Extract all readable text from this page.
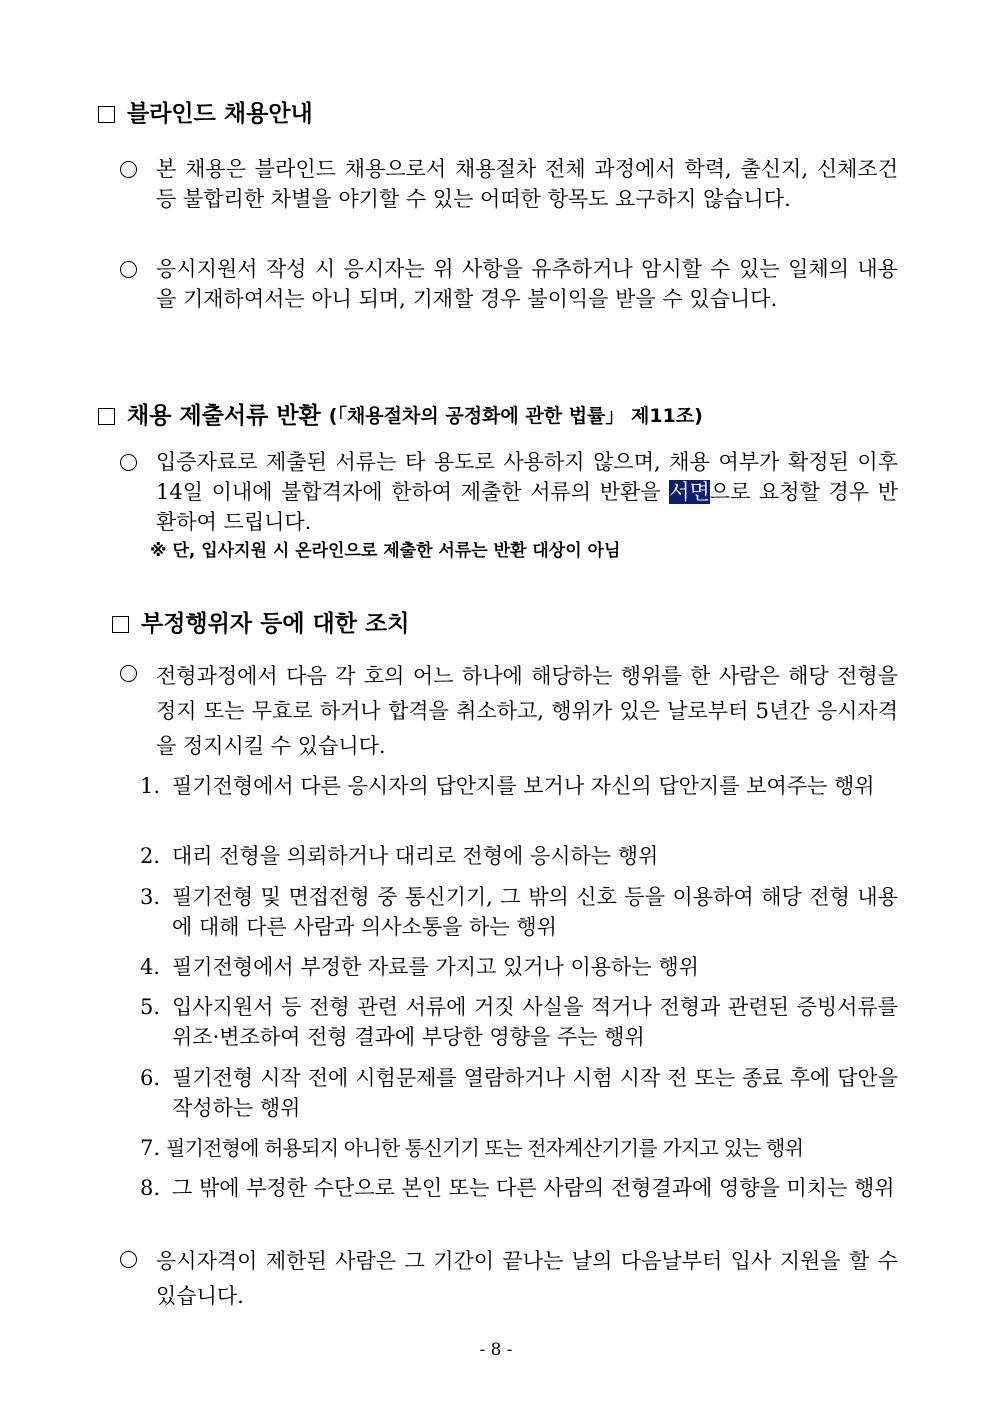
블라인드 채용안내
본 채용은 블라인드 채용으로서 채용절차 전체 과정에서 학력, 출신지, 신체조건 등 불합리한 차별을 야기할 수 있는 어떠한 항목도 요구하지 않습니다.
응시지원서 작성 시 응시자는 위 사항을 유추하거나 암시할 수 있는 일체의 내용을 기재하여서는 아니 되며, 기재할 경우 불이익을 받을 수 있습니다.
채용 제출서류 반환 (「채용절차의 공정화에 관한 법률」 제11조)
입증자료로 제출된 서류는 타 용도로 사용하지 않으며, 채용 여부가 확정된 이후 14일 이내에 불합격자에 한하여 제출한 서류의 반환을 서면으로 요청할 경우 반환하여 드립니다.
※ 단, 입사지원 시 온라인으로 제출한 서류는 반환 대상이 아님
부정행위자 등에 대한 조치
전형과정에서 다음 각 호의 어느 하나에 해당하는 행위를 한 사람은 해당 전형을 정지 또는 무효로 하거나 합격을 취소하고, 행위가 있은 날로부터 5년간 응시자격을 정지시킬 수 있습니다.
1. 필기전형에서 다른 응시자의 답안지를 보거나 자신의 답안지를 보여주는 행위
2. 대리 전형을 의뢰하거나 대리로 전형에 응시하는 행위
3. 필기전형 및 면접전형 중 통신기기, 그 밖의 신호 등을 이용하여 해당 전형 내용에 대해 다른 사람과 의사소통을 하는 행위
4. 필기전형에서 부정한 자료를 가지고 있거나 이용하는 행위
5. 입사지원서 등 전형 관련 서류에 거짓 사실을 적거나 전형과 관련된 증빙서류를 위조·변조하여 전형 결과에 부당한 영향을 주는 행위
6. 필기전형 시작 전에 시험문제를 열람하거나 시험 시작 전 또는 종료 후에 답안을 작성하는 행위
7. 필기전형에 허용되지 아니한 통신기기 또는 전자계산기기를 가지고 있는 행위
8. 그 밖에 부정한 수단으로 본인 또는 다른 사람의 전형결과에 영향을 미치는 행위
응시자격이 제한된 사람은 그 기간이 끝나는 날의 다음날부터 입사 지원을 할 수 있습니다.
- 8 -
